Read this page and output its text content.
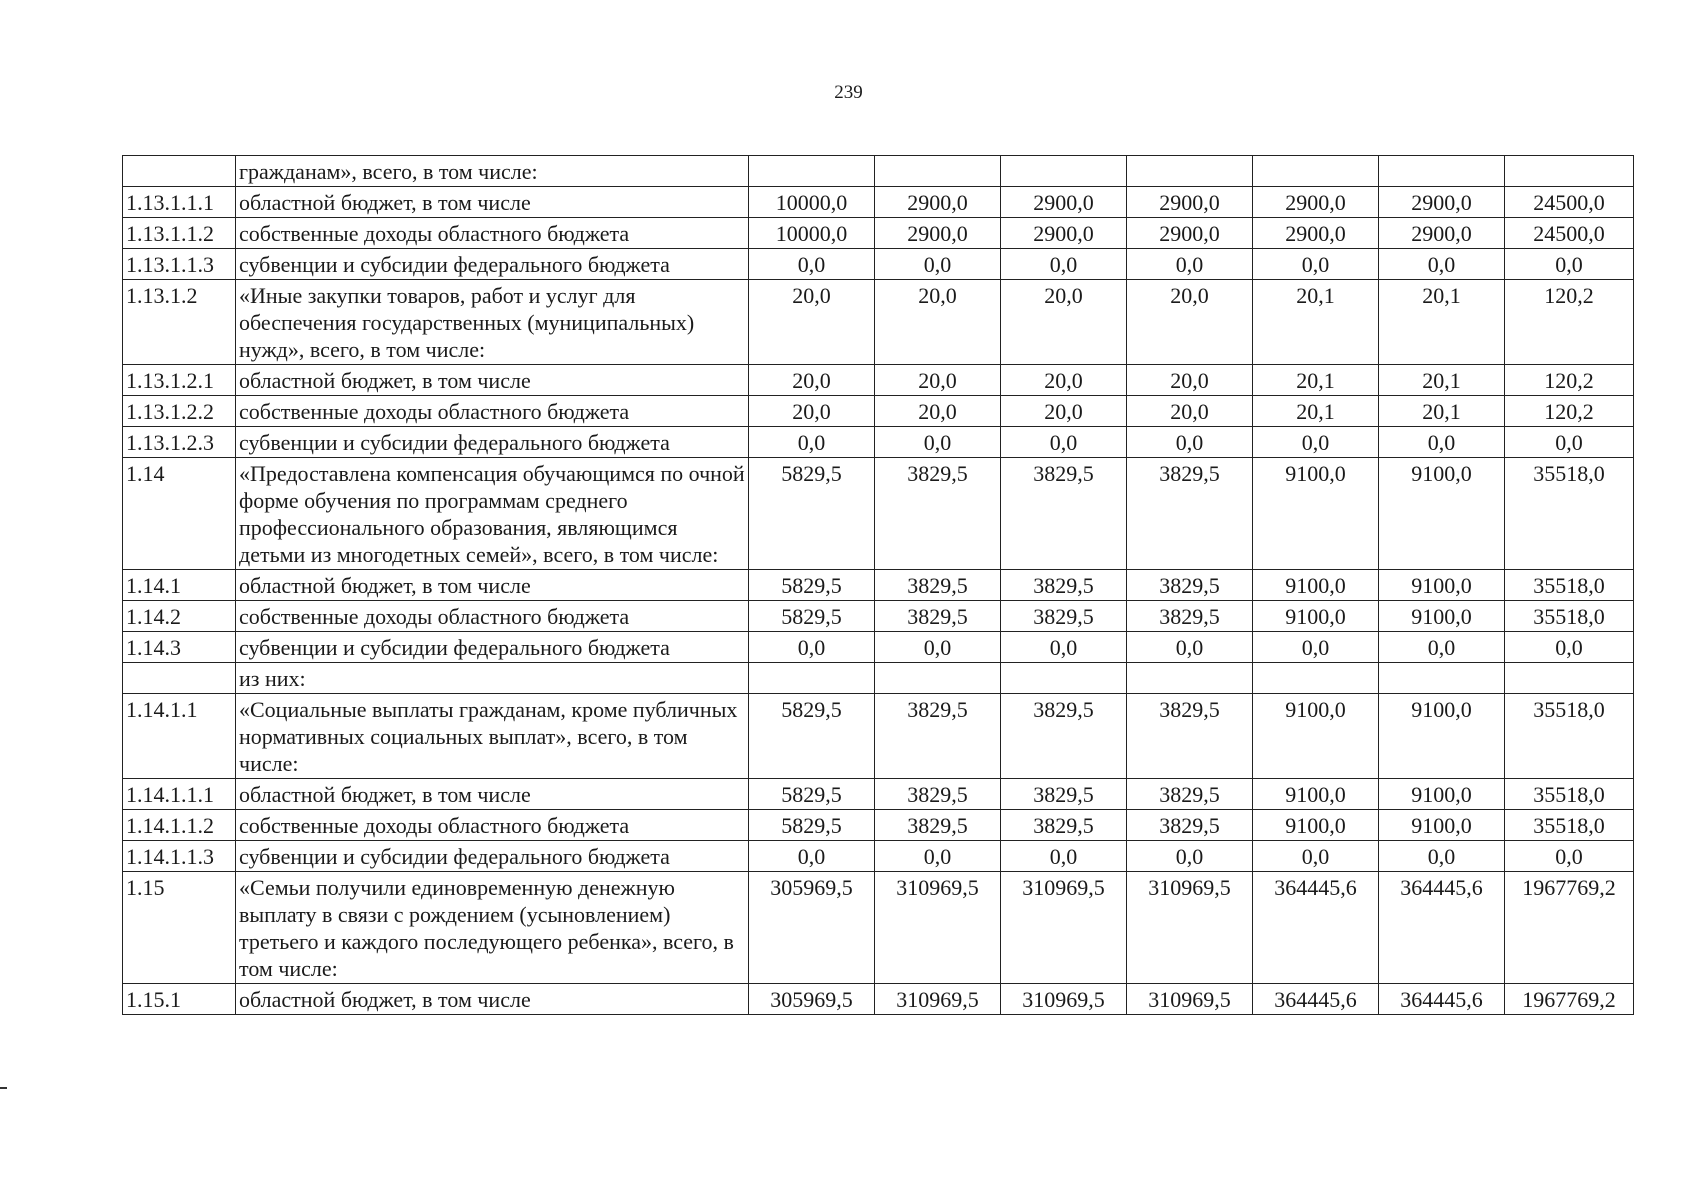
239
	гражданам», всего, в том числе:							
1.13.1.1.1	областной бюджет, в том числе	10000,0	2900,0	2900,0	2900,0	2900,0	2900,0	24500,0
1.13.1.1.2	собственные доходы областного бюджета	10000,0	2900,0	2900,0	2900,0	2900,0	2900,0	24500,0
1.13.1.1.3	субвенции и субсидии федерального бюджета	0,0	0,0	0,0	0,0	0,0	0,0	0,0
1.13.1.2	«Иные закупки товаров, работ и услуг для обеспечения государственных (муниципальных) нужд», всего, в том числе:	20,0	20,0	20,0	20,0	20,1	20,1	120,2
1.13.1.2.1	областной бюджет, в том числе	20,0	20,0	20,0	20,0	20,1	20,1	120,2
1.13.1.2.2	собственные доходы областного бюджета	20,0	20,0	20,0	20,0	20,1	20,1	120,2
1.13.1.2.3	субвенции и субсидии федерального бюджета	0,0	0,0	0,0	0,0	0,0	0,0	0,0
1.14	«Предоставлена компенсация обучающимся по очной форме обучения по программам среднего профессионального образования, являющимся детьми из многодетных семей», всего, в том числе:	5829,5	3829,5	3829,5	3829,5	9100,0	9100,0	35518,0
1.14.1	областной бюджет, в том числе	5829,5	3829,5	3829,5	3829,5	9100,0	9100,0	35518,0
1.14.2	собственные доходы областного бюджета	5829,5	3829,5	3829,5	3829,5	9100,0	9100,0	35518,0
1.14.3	субвенции и субсидии федерального бюджета	0,0	0,0	0,0	0,0	0,0	0,0	0,0
	из них:							
1.14.1.1	«Социальные выплаты гражданам, кроме публичных нормативных социальных выплат», всего, в том числе:	5829,5	3829,5	3829,5	3829,5	9100,0	9100,0	35518,0
1.14.1.1.1	областной бюджет, в том числе	5829,5	3829,5	3829,5	3829,5	9100,0	9100,0	35518,0
1.14.1.1.2	собственные доходы областного бюджета	5829,5	3829,5	3829,5	3829,5	9100,0	9100,0	35518,0
1.14.1.1.3	субвенции и субсидии федерального бюджета	0,0	0,0	0,0	0,0	0,0	0,0	0,0
1.15	«Семьи получили единовременную денежную выплату в связи с рождением (усыновлением) третьего и каждого последующего ребенка», всего, в том числе:	305969,5	310969,5	310969,5	310969,5	364445,6	364445,6	1967769,2
1.15.1	областной бюджет, в том числе	305969,5	310969,5	310969,5	310969,5	364445,6	364445,6	1967769,2
